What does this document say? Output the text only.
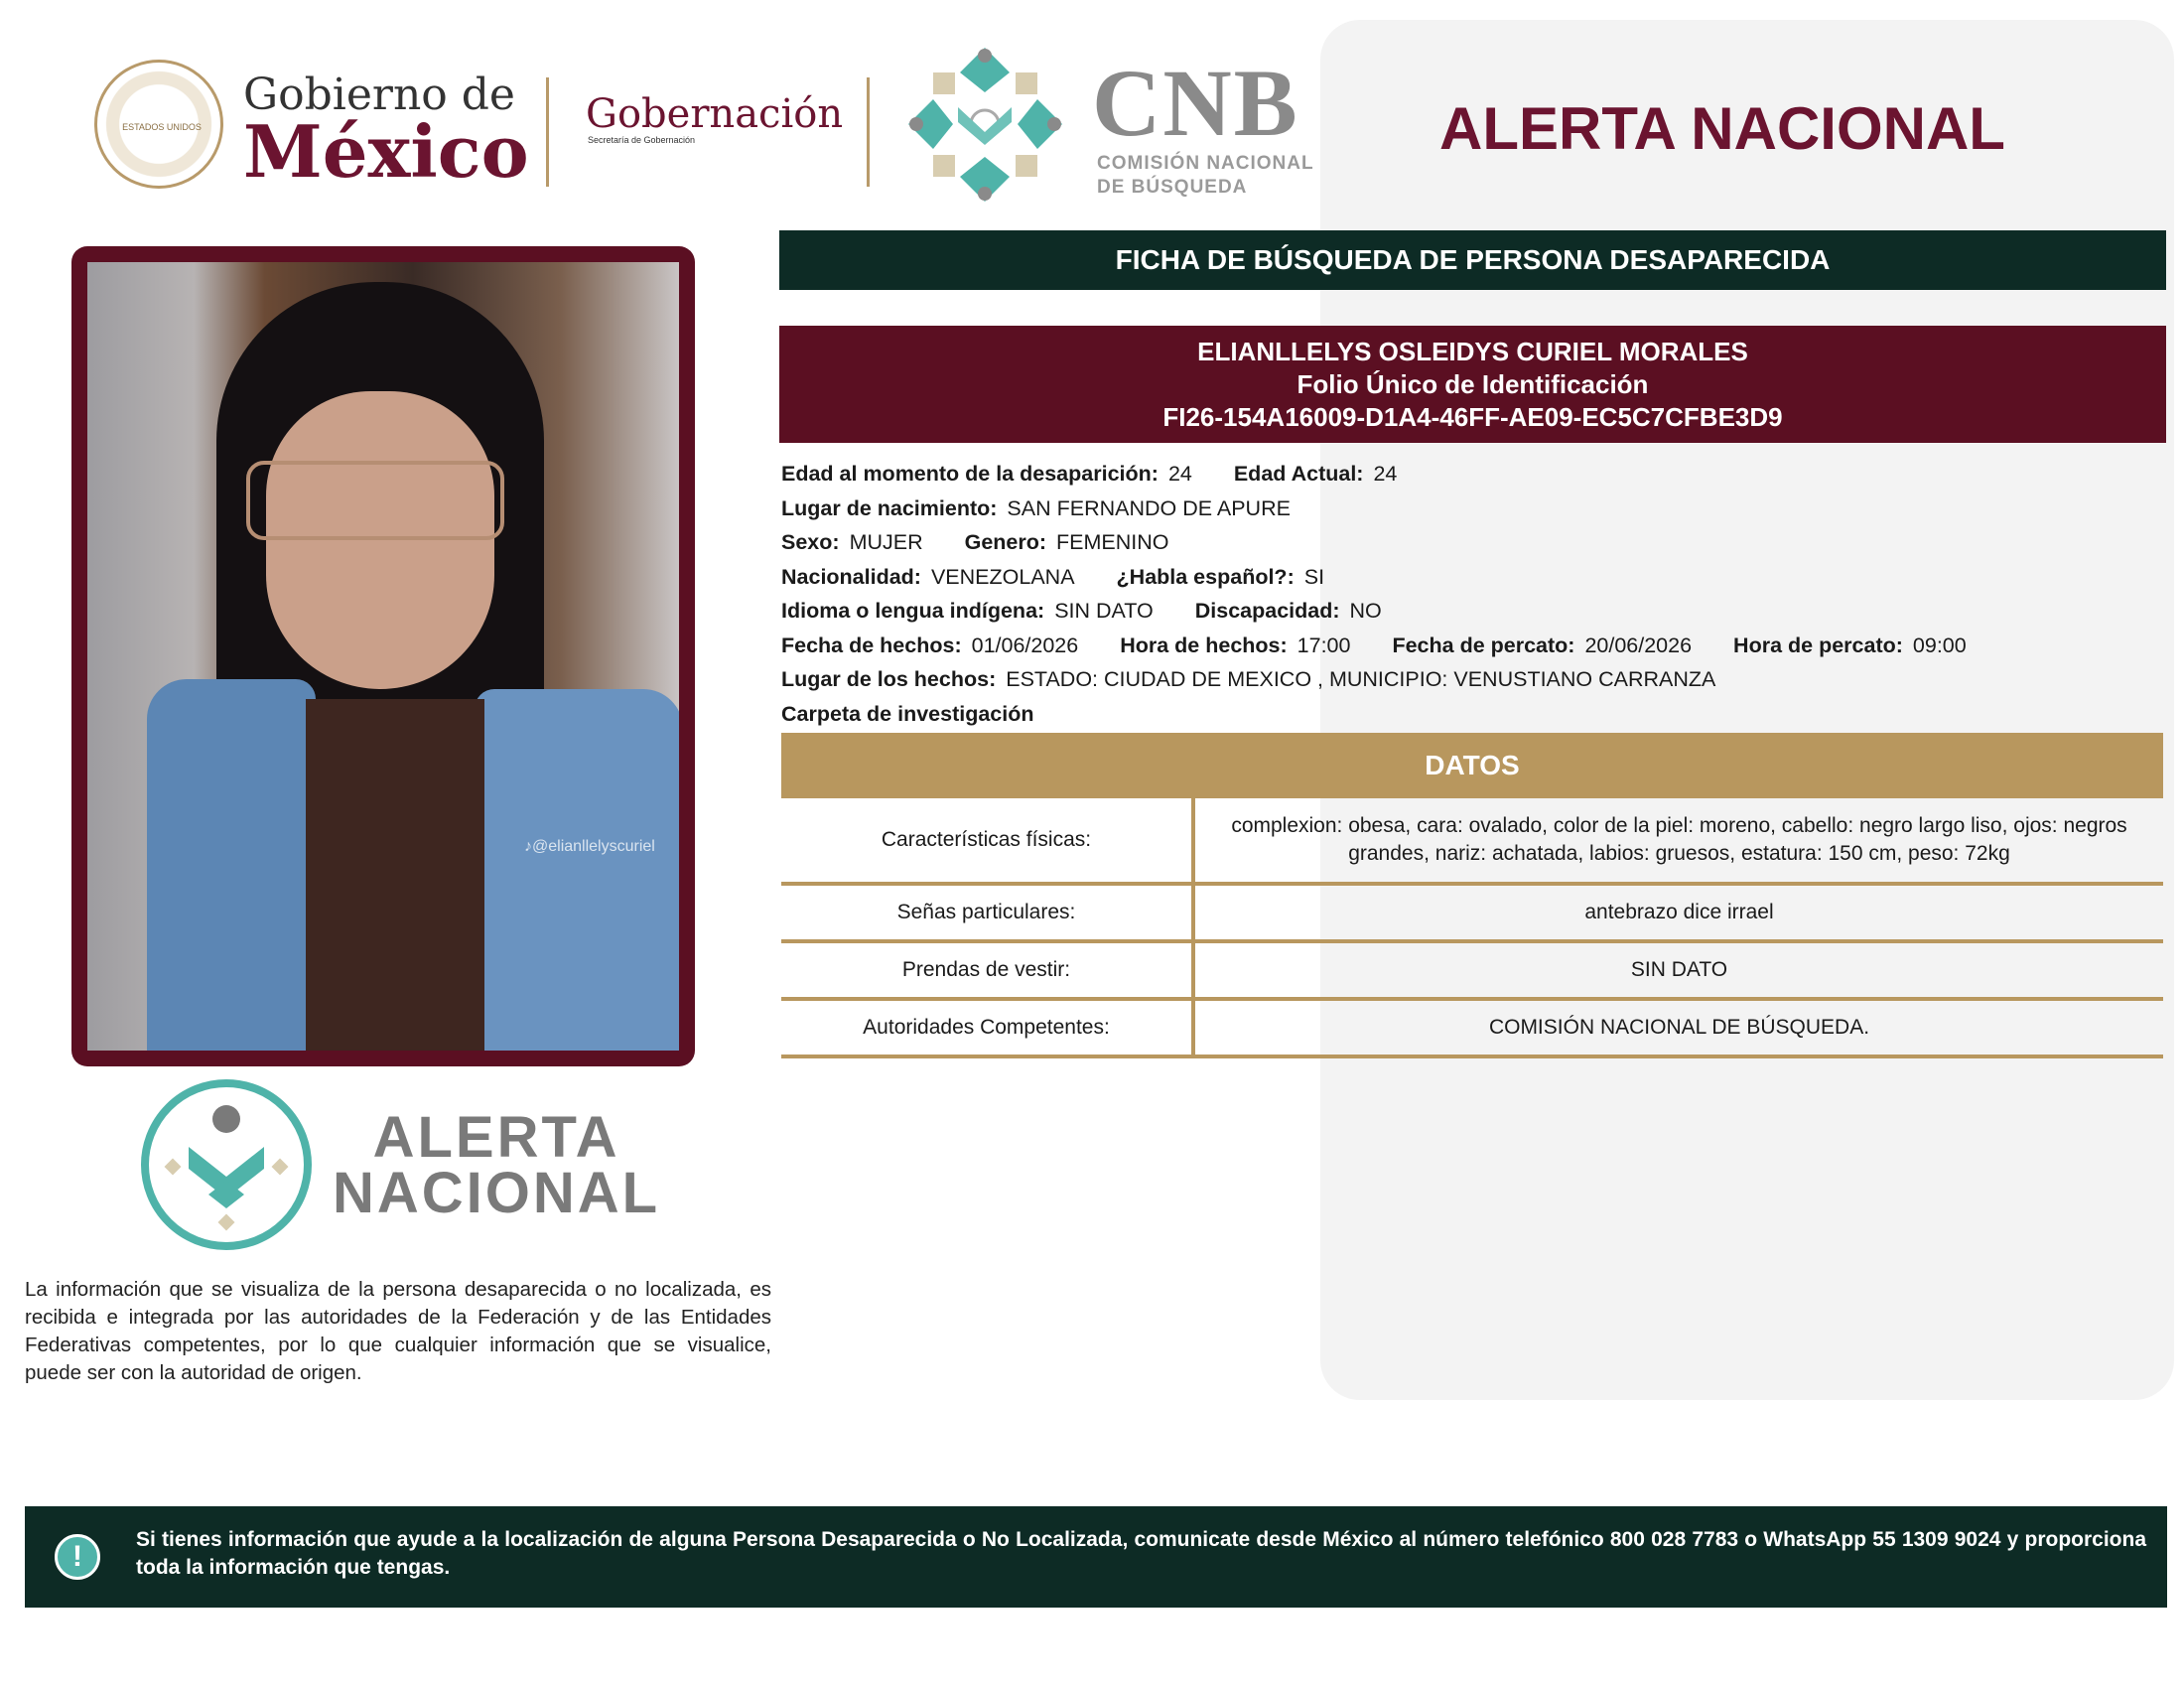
ESTADOS UNIDOS
Gobierno de
México Gobernación
Secretaría de Gobernación	CNB
COMISIÓN NACIONAL
DE BÚSQUEDA
ALERTA NACIONAL
♪@elianllelyscuriel
ALERTA
NACIONAL
La información que se visualiza de la persona desaparecida o no localizada, es recibida e integrada por las autoridades de la Federación y de las Entidades Federativas competentes, por lo que cualquier información que se visualice, puede ser con la autoridad de origen.
FICHA DE BÚSQUEDA DE PERSONA DESAPARECIDA
ELIANLLELYS OSLEIDYS CURIEL MORALES
Folio Único de Identificación
FI26-154A16009-D1A4-46FF-AE09-EC5C7CFBE3D9
Edad al momento de la desaparición: 24 Edad Actual: 24
Lugar de nacimiento: SAN FERNANDO DE APURE
Sexo: MUJER Genero: FEMENINO
Nacionalidad: VENEZOLANA ¿Habla español?: SI
Idioma o lengua indígena: SIN DATO Discapacidad: NO
Fecha de hechos: 01/06/2026 Hora de hechos: 17:00 Fecha de percato: 20/06/2026 Hora de percato: 09:00
Lugar de los hechos: ESTADO: CIUDAD DE MEXICO , MUNICIPIO: VENUSTIANO CARRANZA
Carpeta de investigación
DATOS
Características físicas:
complexion: obesa, cara: ovalado, color de la piel: moreno, cabello: negro largo liso, ojos: negros grandes, nariz: achatada, labios: gruesos, estatura: 150 cm, peso: 72kg
Señas particulares:	antebrazo dice irrael
Prendas de vestir:	SIN DATO
Autoridades Competentes:	COMISIÓN NACIONAL DE BÚSQUEDA.
!
Si tienes información que ayude a la localización de alguna Persona Desaparecida o No Localizada, comunicate desde México al número telefónico 800 028 7783 o WhatsApp 55 1309 9024 y proporciona toda la información que tengas.
